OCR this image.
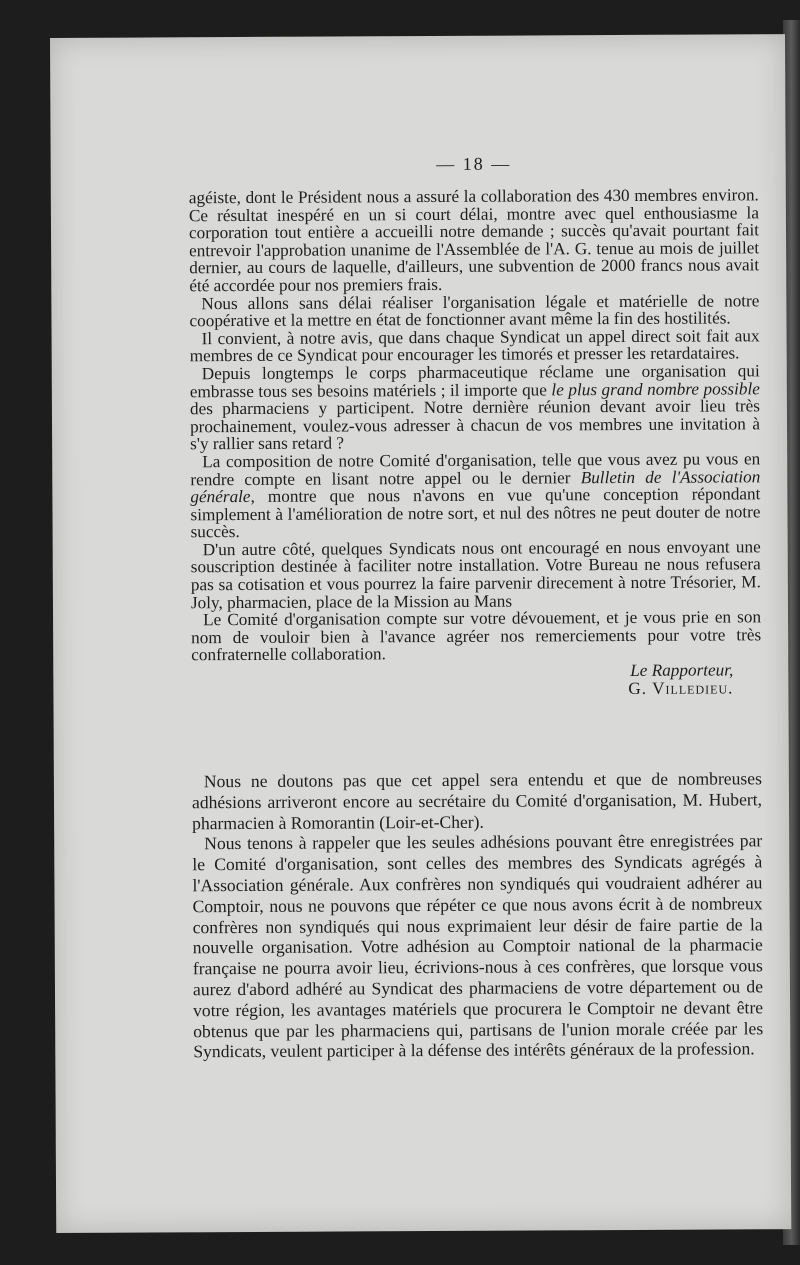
— 18 —

agéiste, dont le Président nous a assuré la collaboration des 430 membres environ. Ce résultat inespéré en un si court délai, montre avec quel enthousiasme la corporation tout entière a accueilli notre demande ; succès qu'avait pourtant fait entrevoir l'approbation unanime de l'Assemblée de l'A. G. tenue au mois de juillet dernier, au cours de laquelle, d'ailleurs, une subvention de 2000 francs nous avait été accordée pour nos premiers frais.

Nous allons sans délai réaliser l'organisation légale et matérielle de notre coopérative et la mettre en état de fonctionner avant même la fin des hostilités.

Il convient, à notre avis, que dans chaque Syndicat un appel direct soit fait aux membres de ce Syndicat pour encourager les timorés et presser les retardataires.

Depuis longtemps le corps pharmaceutique réclame une organisation qui embrasse tous ses besoins matériels ; il importe que le plus grand nombre possible des pharmaciens y participent. Notre dernière réunion devant avoir lieu très prochainement, voulez-vous adresser à chacun de vos membres une invitation à s'y rallier sans retard ?

La composition de notre Comité d'organisation, telle que vous avez pu vous en rendre compte en lisant notre appel ou le dernier Bulletin de l'Association générale, montre que nous n'avons en vue qu'une conception répondant simplement à l'amélioration de notre sort, et nul des nôtres ne peut douter de notre succès.

D'un autre côté, quelques Syndicats nous ont encouragé en nous envoyant une souscription destinée à faciliter notre installation. Votre Bureau ne nous refusera pas sa cotisation et vous pourrez la faire parvenir direcement à notre Trésorier, M. Joly, pharmacien, place de la Mission au Mans

Le Comité d'organisation compte sur votre dévouement, et je vous prie en son nom de vouloir bien à l'avance agréer nos remerciements pour votre très confraternelle collaboration.

Le Rapporteur,

G. Villedieu.

Nous ne doutons pas que cet appel sera entendu et que de nombreuses adhésions arriveront encore au secrétaire du Comité d'organisation, M. Hubert, pharmacien à Romorantin (Loir-et-Cher).

Nous tenons à rappeler que les seules adhésions pouvant être enregistrées par le Comité d'organisation, sont celles des membres des Syndicats agrégés à l'Association générale. Aux confrères non syndiqués qui voudraient adhérer au Comptoir, nous ne pouvons que répéter ce que nous avons écrit à de nombreux confrères non syndiqués qui nous exprimaient leur désir de faire partie de la nouvelle organisation. Votre adhésion au Comptoir national de la pharmacie française ne pourra avoir lieu, écrivions-nous à ces confrères, que lorsque vous aurez d'abord adhéré au Syndicat des pharmaciens de votre département ou de votre région, les avantages matériels que procurera le Comptoir ne devant être obtenus que par les pharmaciens qui, partisans de l'union morale créée par les Syndicats, veulent participer à la défense des intérêts généraux de la profession.
